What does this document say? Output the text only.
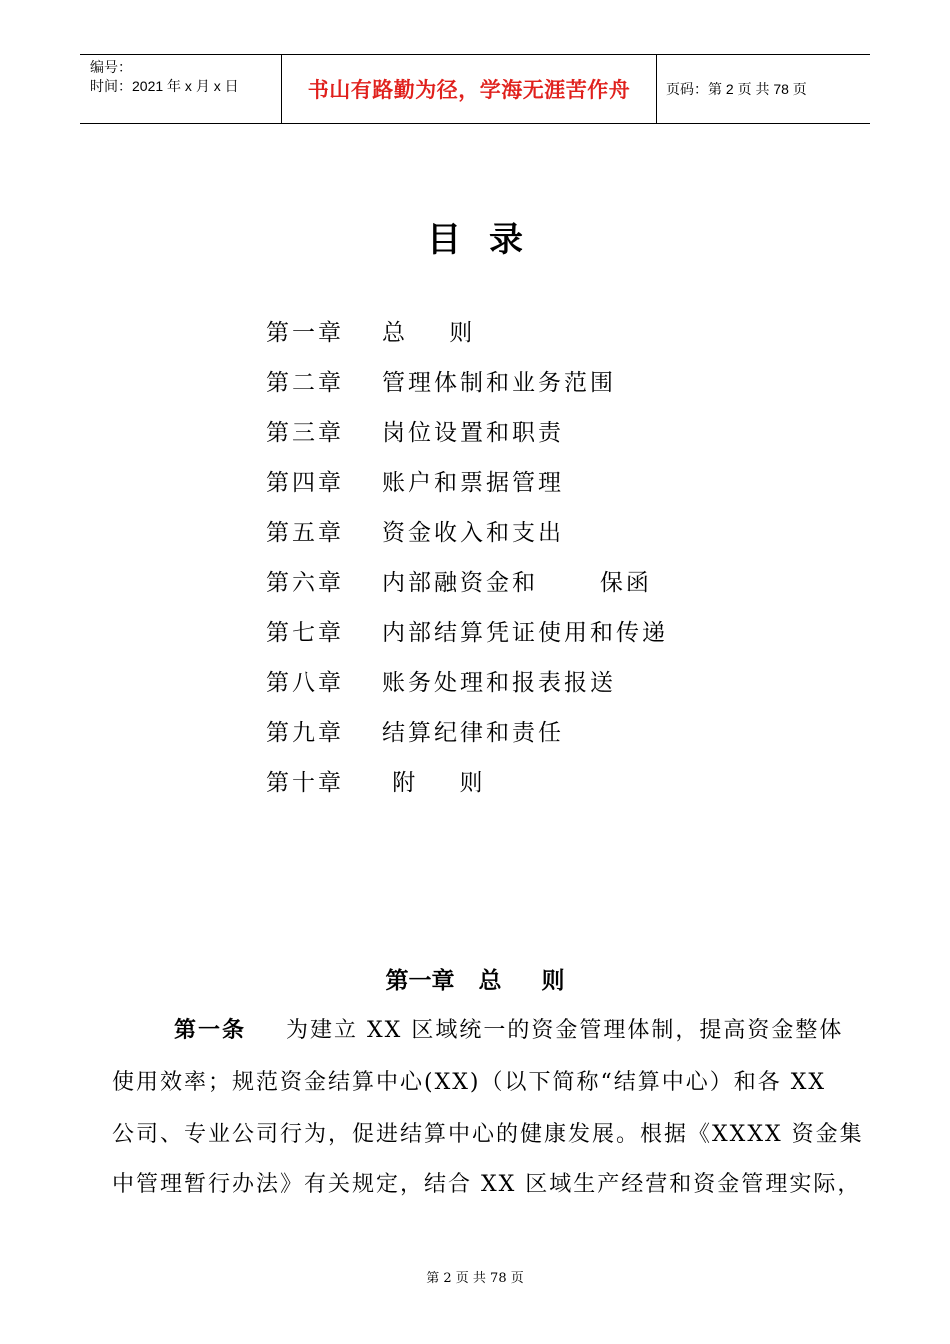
编号：
时间：2021 年 x 月 x 日	书山有路勤为径，学海无涯苦作舟	页码：第 2 页 共 78 页
目录
第一章 总    则
第二章 管理体制和业务范围
第三章 岗位设置和职责
第四章 账户和票据管理
第五章 资金收入和支出
第六章 内部融资金和      保函
第七章 内部结算凭证使用和传递
第八章 账务处理和报表报送
第九章 结算纪律和责任
第十章 附    则
第一章   总     则
第一条 为建立 XX 区域统一的资金管理体制，提高资金整体
使用效率；规范资金结算中心(XX)（以下简称“结算中心）和各 XX
公司、专业公司行为，促进结算中心的健康发展。根据《XXXX 资金集
中管理暂行办法》有关规定，结合 XX 区域生产经营和资金管理实际，
第 2 页 共 78 页
